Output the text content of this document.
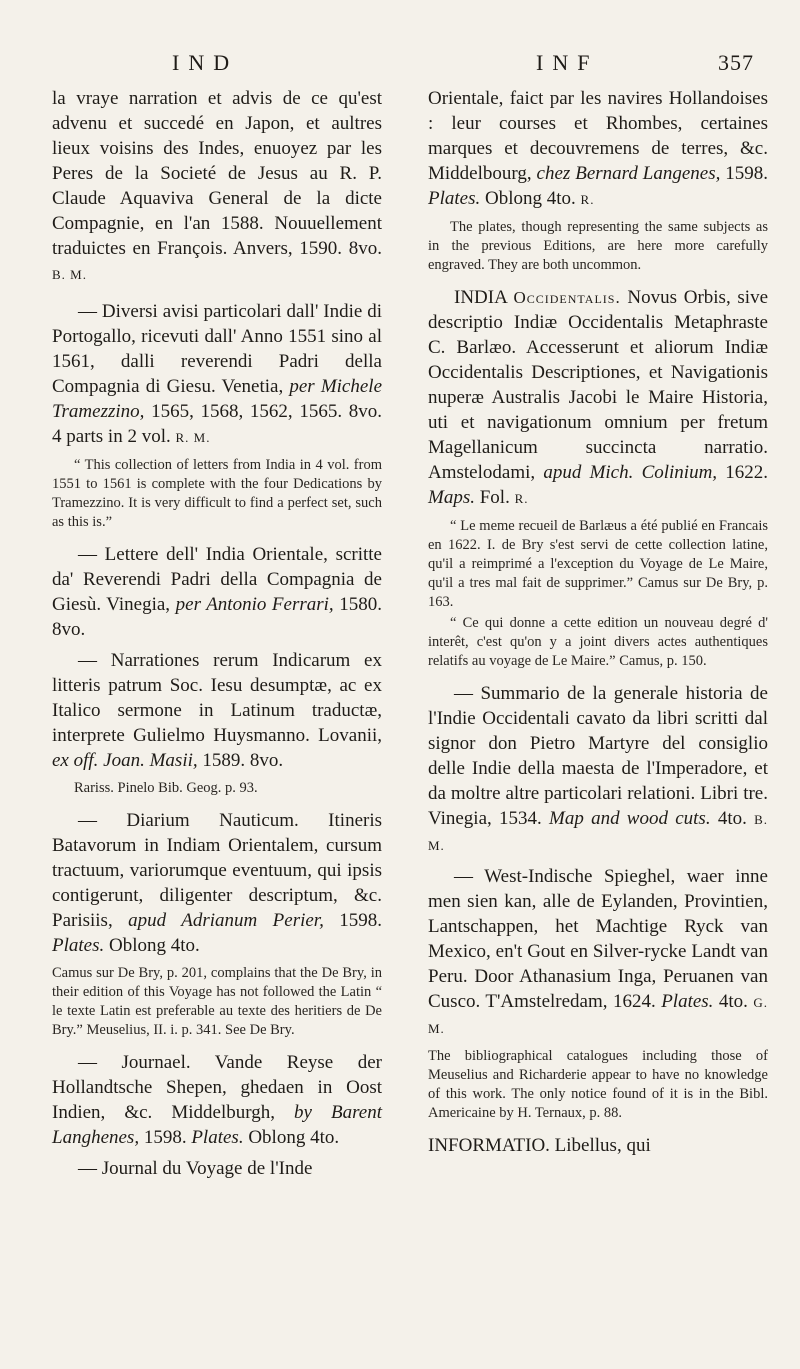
IND	INF	357

la vraye narration et advis de ce qu'est advenu et succedé en Japon, et aultres lieux voisins des Indes, enuoyez par les Peres de la Societé de Jesus au R. P. Claude Aquaviva General de la dicte Compagnie, en l'an 1588. Nouuellement traduictes en François. Anvers, 1590. 8vo. B. M.

— Diversi avisi particolari dall' Indie di Portogallo, ricevuti dall' Anno 1551 sino al 1561, dalli reverendi Padri della Compagnia di Giesu. Venetia, per Michele Tramezzino, 1565, 1568, 1562, 1565. 8vo. 4 parts in 2 vol. R. M.

“ This collection of letters from India in 4 vol. from 1551 to 1561 is complete with the four Dedications by Tramezzino. It is very difficult to find a perfect set, such as this is.”

— Lettere dell' India Orientale, scritte da' Reverendi Padri della Compagnia de Giesù. Vinegia, per Antonio Ferrari, 1580. 8vo.

— Narrationes rerum Indicarum ex litteris patrum Soc. Iesu desumptæ, ac ex Italico sermone in Latinum traductæ, interprete Gulielmo Huysmanno. Lovanii, ex off. Joan. Masii, 1589. 8vo.

Rariss. Pinelo Bib. Geog. p. 93.

— Diarium Nauticum. Itineris Batavorum in Indiam Orientalem, cursum tractuum, variorumque eventuum, qui ipsis contigerunt, diligenter descriptum, &c. Parisiis, apud Adrianum Perier, 1598. Plates. Oblong 4to.

Camus sur De Bry, p. 201, complains that the De Bry, in their edition of this Voyage has not followed the Latin “ le texte Latin est preferable au texte des heritiers de De Bry.” Meuselius, II. i. p. 341. See De Bry.

— Journael. Vande Reyse der Hollandtsche Shepen, ghedaen in Oost Indien, &c. Middelburgh, by Barent Langhenes, 1598. Plates. Oblong 4to.

— Journal du Voyage de l'Inde

Orientale, faict par les navires Hollandoises : leur courses et Rhombes, certaines marques et decouvremens de terres, &c. Middelbourg, chez Bernard Langenes, 1598. Plates. Oblong 4to. R.

The plates, though representing the same subjects as in the previous Editions, are here more carefully engraved. They are both uncommon.

INDIA Occidentalis. Novus Orbis, sive descriptio Indiæ Occidentalis Metaphraste C. Barlæo. Accesserunt et aliorum Indiæ Occidentalis Descriptiones, et Navigationis nuperæ Australis Jacobi le Maire Historia, uti et navigationum omnium per fretum Magellanicum succincta narratio. Amstelodami, apud Mich. Colinium, 1622. Maps. Fol. R.

“ Le meme recueil de Barlæus a été publié en Francais en 1622. I. de Bry s'est servi de cette collection latine, qu'il a reimprimé a l'exception du Voyage de Le Maire, qu'il a tres mal fait de supprimer.” Camus sur De Bry, p. 163.

“ Ce qui donne a cette edition un nouveau degré d' interêt, c'est qu'on y a joint divers actes authentiques relatifs au voyage de Le Maire.” Camus, p. 150.

— Summario de la generale historia de l'Indie Occidentali cavato da libri scritti dal signor don Pietro Martyre del consiglio delle Indie della maesta de l'Imperadore, et da moltre altre particolari relationi. Libri tre. Vinegia, 1534. Map and wood cuts. 4to. B. M.

— West-Indische Spieghel, waer inne men sien kan, alle de Eylanden, Provintien, Lantschappen, het Machtige Ryck van Mexico, en't Gout en Silver-rycke Landt van Peru. Door Athanasium Inga, Peruanen van Cusco. T'Amstelredam, 1624. Plates. 4to. G. M.

The bibliographical catalogues including those of Meuselius and Richarderie appear to have no knowledge of this work. The only notice found of it is in the Bibl. Americaine by H. Ternaux, p. 88.

INFORMATIO. Libellus, qui
